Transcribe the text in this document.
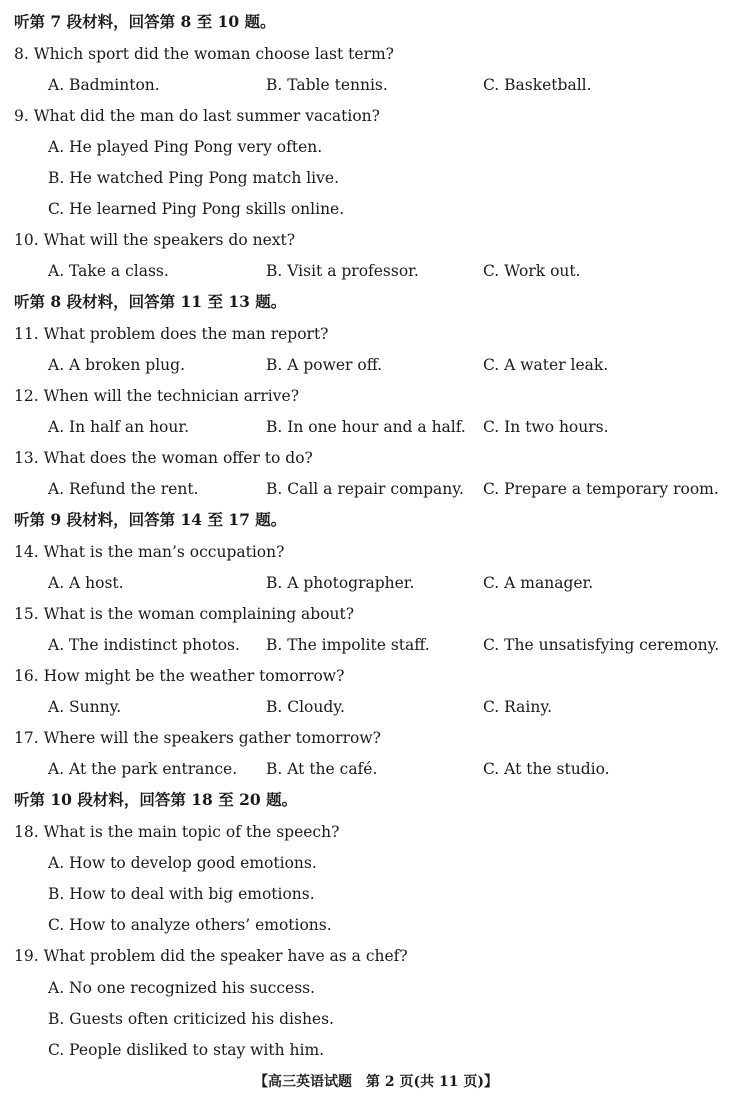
听第 7 段材料，回答第 8 至 10 题。
8. Which sport did the woman choose last term?
A. Badminton.	B. Table tennis.	C. Basketball.
9. What did the man do last summer vacation?
A. He played Ping Pong very often.
B. He watched Ping Pong match live.
C. He learned Ping Pong skills online.
10. What will the speakers do next?
A. Take a class.	B. Visit a professor.	C. Work out.
听第 8 段材料，回答第 11 至 13 题。
11. What problem does the man report?
A. A broken plug.	B. A power off.	C. A water leak.
12. When will the technician arrive?
A. In half an hour.	B. In one hour and a half. C. In two hours.
13. What does the woman offer to do?
A. Refund the rent.	B. Call a repair company. C. Prepare a temporary room.
听第 9 段材料，回答第 14 至 17 题。
14. What is the man’s occupation?
A. A host.	B. A photographer.	C. A manager.
15. What is the woman complaining about?
A. The indistinct photos. B. The impolite staff.	C. The unsatisfying ceremony.
16. How might be the weather tomorrow?
A. Sunny.	B. Cloudy.	C. Rainy.
17. Where will the speakers gather tomorrow?
A. At the park entrance. B. At the café.	C. At the studio.
听第 10 段材料，回答第 18 至 20 题。
18. What is the main topic of the speech?
A. How to develop good emotions.
B. How to deal with big emotions.
C. How to analyze others’ emotions.
19. What problem did the speaker have as a chef?
A. No one recognized his success.
B. Guests often criticized his dishes.
C. People disliked to stay with him.
【高三英语试题　第 2 页(共 11 页)】
